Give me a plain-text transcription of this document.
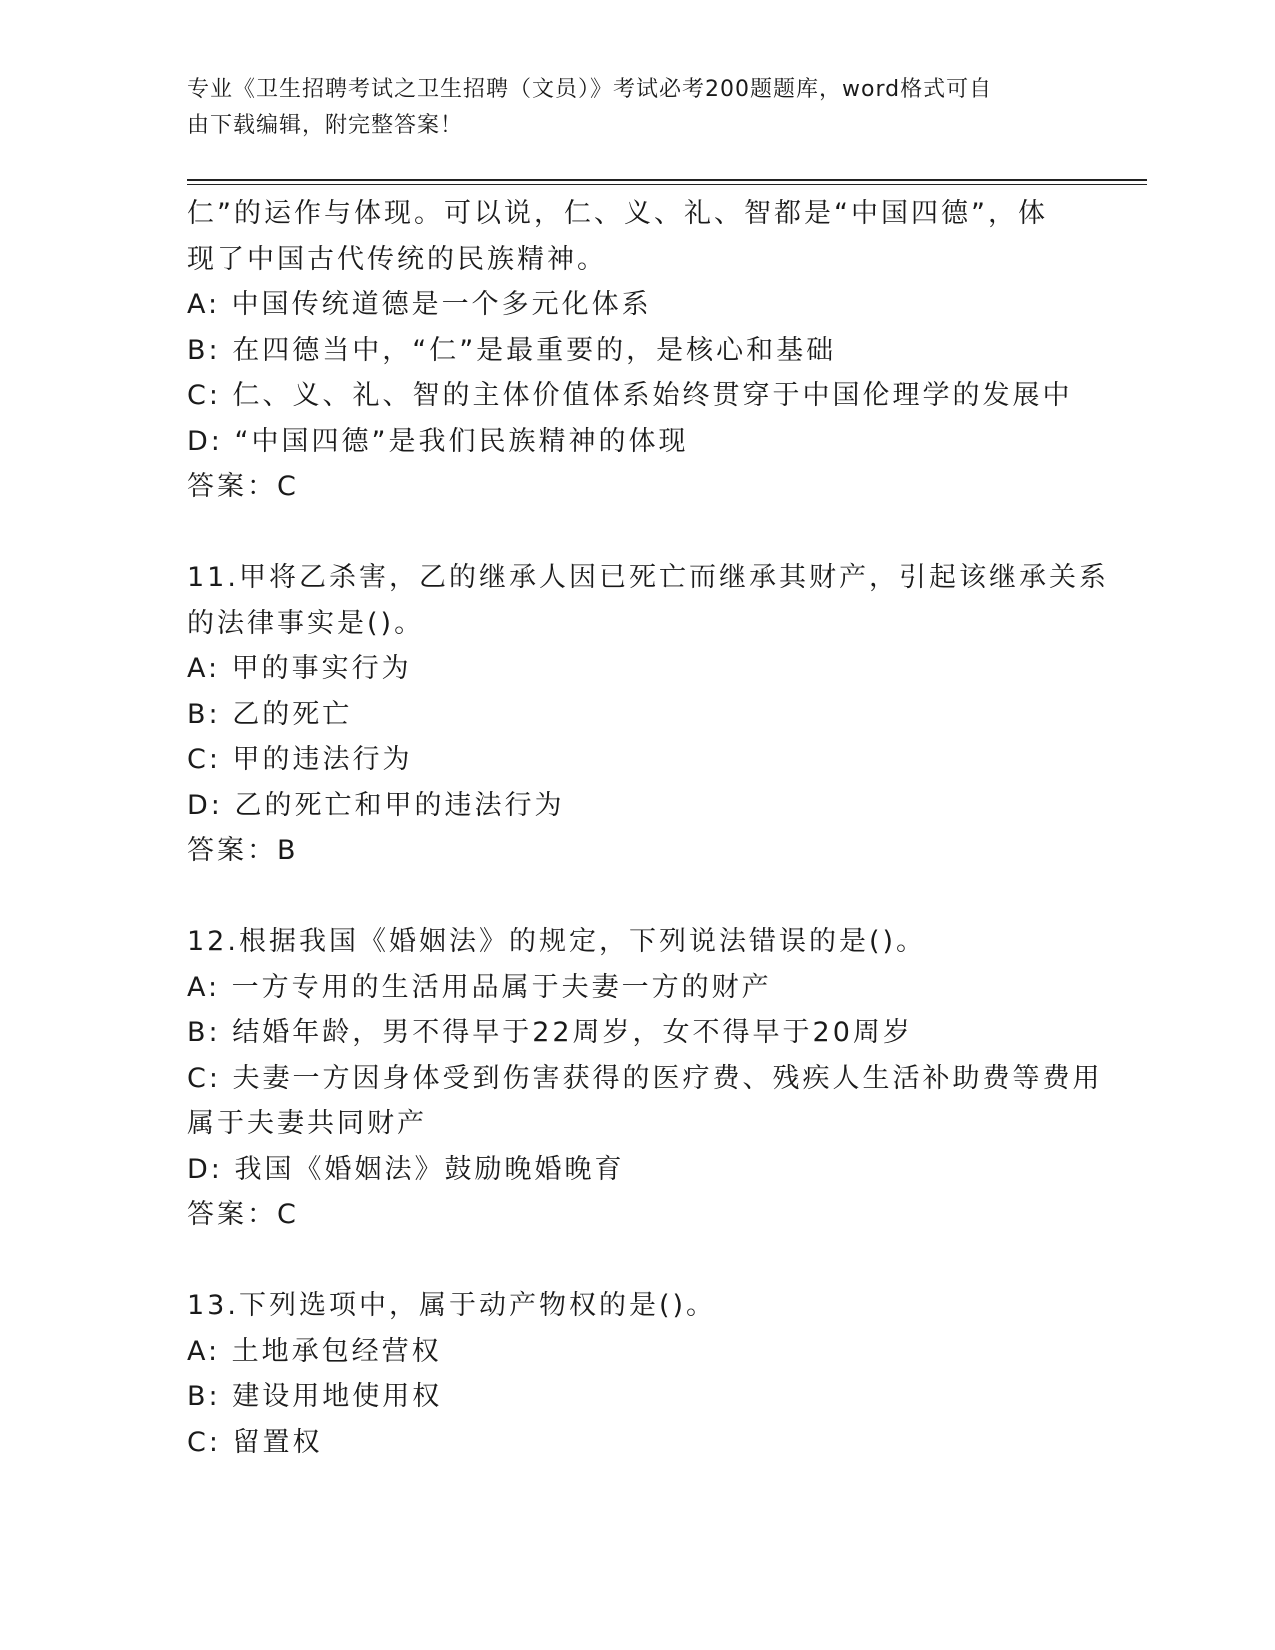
专业《卫生招聘考试之卫生招聘（文员）》考试必考200题题库，word格式可自
由下载编辑，附完整答案！
仁”的运作与体现。可以说，仁、义、礼、智都是“中国四德”，体
现了中国古代传统的民族精神。
A: 中国传统道德是一个多元化体系
B: 在四德当中，“仁”是最重要的，是核心和基础
C: 仁、义、礼、智的主体价值体系始终贯穿于中国伦理学的发展中
D: “中国四德”是我们民族精神的体现
答案：C
11.甲将乙杀害，乙的继承人因已死亡而继承其财产，引起该继承关系
的法律事实是()。
A: 甲的事实行为
B: 乙的死亡
C: 甲的违法行为
D: 乙的死亡和甲的违法行为
答案：B
12.根据我国《婚姻法》的规定，下列说法错误的是()。
A: 一方专用的生活用品属于夫妻一方的财产
B: 结婚年龄，男不得早于22周岁，女不得早于20周岁
C: 夫妻一方因身体受到伤害获得的医疗费、残疾人生活补助费等费用
属于夫妻共同财产
D: 我国《婚姻法》鼓励晚婚晚育
答案：C
13.下列选项中，属于动产物权的是()。
A: 土地承包经营权
B: 建设用地使用权
C: 留置权
